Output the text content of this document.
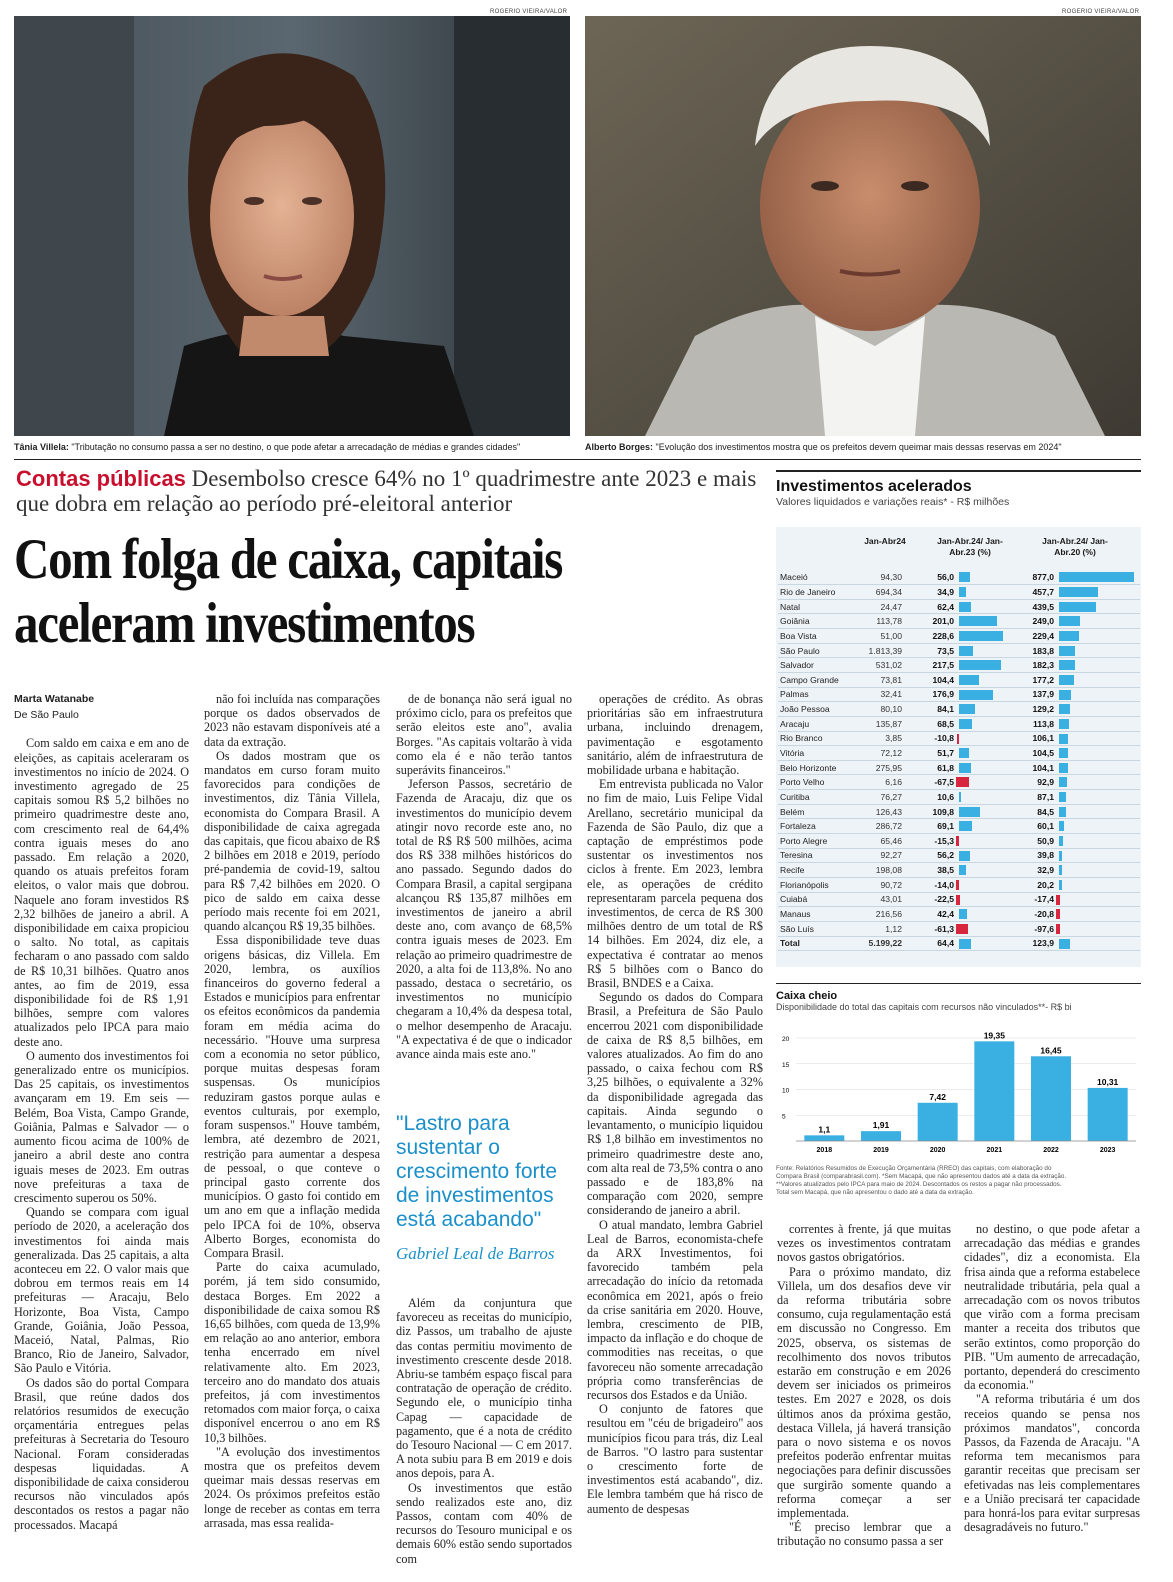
ROGERIO VIEIRA/VALOR
Tânia Villela: "Tributação no consumo passa a ser no destino, o que pode afetar a arrecadação de médias e grandes cidades"
ROGERIO VIEIRA/VALOR
Alberto Borges: "Evolução dos investimentos mostra que os prefeitos devem queimar mais dessas reservas em 2024"
Contas públicas Desembolso cresce 64% no 1º quadrimestre ante 2023 e mais que dobra em relação ao período pré-eleitoral anterior
Com folga de caixa, capitais aceleram investimentos
Marta Watanabe
De São Paulo

Com saldo em caixa e em ano de eleições, as capitais aceleraram os investimentos no início de 2024. O investimento agregado de 25 capitais somou R$ 5,2 bilhões no primeiro quadrimestre deste ano, com crescimento real de 64,4% contra iguais meses do ano passado. Em relação a 2020, quando os atuais prefeitos foram eleitos, o valor mais que dobrou. Naquele ano foram investidos R$ 2,32 bilhões de janeiro a abril. A disponibilidade em caixa propiciou o salto. No total, as capitais fecharam o ano passado com saldo de R$ 10,31 bilhões. Quatro anos antes, ao fim de 2019, essa disponibilidade foi de R$ 1,91 bilhões, sempre com valores atualizados pelo IPCA para maio deste ano.

O aumento dos investimentos foi generalizado entre os municípios. Das 25 capitais, os investimentos avançaram em 19. Em seis — Belém, Boa Vista, Campo Grande, Goiânia, Palmas e Salvador — o aumento ficou acima de 100% de janeiro a abril deste ano contra iguais meses de 2023. Em outras nove prefeituras a taxa de crescimento superou os 50%.

Quando se compara com igual período de 2020, a aceleração dos investimentos foi ainda mais generalizada. Das 25 capitais, a alta aconteceu em 22. O valor mais que dobrou em termos reais em 14 prefeituras — Aracaju, Belo Horizonte, Boa Vista, Campo Grande, Goiânia, João Pessoa, Maceió, Natal, Palmas, Rio Branco, Rio de Janeiro, Salvador, São Paulo e Vitória.

Os dados são do portal Compara Brasil, que reúne dados dos relatórios resumidos de execução orçamentária entregues pelas prefeituras à Secretaria do Tesouro Nacional. Foram consideradas despesas liquidadas. A disponibilidade de caixa considerou recursos não vinculados após descontados os restos a pagar não processados. Macapá

não foi incluída nas comparações porque os dados observados de 2023 não estavam disponíveis até a data da extração.

Os dados mostram que os mandatos em curso foram muito favorecidos para condições de investimentos, diz Tânia Villela, economista do Compara Brasil. A disponibilidade de caixa agregada das capitais, que ficou abaixo de R$ 2 bilhões em 2018 e 2019, período pré-pandemia de covid-19, saltou para R$ 7,42 bilhões em 2020. O pico de saldo em caixa desse período mais recente foi em 2021, quando alcançou R$ 19,35 bilhões.

Essa disponibilidade teve duas origens básicas, diz Villela. Em 2020, lembra, os auxílios financeiros do governo federal a Estados e municípios para enfrentar os efeitos econômicos da pandemia foram em média acima do necessário. "Houve uma surpresa com a economia no setor público, porque muitas despesas foram suspensas. Os municípios reduziram gastos porque aulas e eventos culturais, por exemplo, foram suspensos." Houve também, lembra, até dezembro de 2021, restrição para aumentar a despesa de pessoal, o que conteve o principal gasto corrente dos municípios. O gasto foi contido em um ano em que a inflação medida pelo IPCA foi de 10%, observa Alberto Borges, economista do Compara Brasil.

Parte do caixa acumulado, porém, já tem sido consumido, destaca Borges. Em 2022 a disponibilidade de caixa somou R$ 16,65 bilhões, com queda de 13,9% em relação ao ano anterior, embora tenha encerrado em nível relativamente alto. Em 2023, terceiro ano do mandato dos atuais prefeitos, já com investimentos retomados com maior força, o caixa disponível encerrou o ano em R$ 10,3 bilhões.

"A evolução dos investimentos mostra que os prefeitos devem queimar mais dessas reservas em 2024. Os próximos prefeitos estão longe de receber as contas em terra arrasada, mas essa realida-

de de bonança não será igual no próximo ciclo, para os prefeitos que serão eleitos este ano", avalia Borges. "As capitais voltarão à vida como ela é e não terão tantos superávits financeiros."

Jeferson Passos, secretário de Fazenda de Aracaju, diz que os investimentos do município devem atingir novo recorde este ano, no total de R$ R$ 500 milhões, acima dos R$ 338 milhões históricos do ano passado. Segundo dados do Compara Brasil, a capital sergipana alcançou R$ 135,87 milhões em investimentos de janeiro a abril deste ano, com avanço de 68,5% contra iguais meses de 2023. Em relação ao primeiro quadrimestre de 2020, a alta foi de 113,8%. No ano passado, destaca o secretário, os investimentos no município chegaram a 10,4% da despesa total, o melhor desempenho de Aracaju. "A expectativa é de que o indicador avance ainda mais este ano."

"Lastro para sustentar o crescimento forte de investimentos está acabando"
Gabriel Leal de Barros

Além da conjuntura que favoreceu as receitas do município, diz Passos, um trabalho de ajuste das contas permitiu movimento de investimento crescente desde 2018. Abriu-se também espaço fiscal para contratação de operação de crédito. Segundo ele, o município tinha Capag — capacidade de pagamento, que é a nota de crédito do Tesouro Nacional — C em 2017. A nota subiu para B em 2019 e dois anos depois, para A.

Os investimentos que estão sendo realizados este ano, diz Passos, contam com 40% de recursos do Tesouro municipal e os demais 60% estão sendo suportados com

operações de crédito. As obras prioritárias são em infraestrutura urbana, incluindo drenagem, pavimentação e esgotamento sanitário, além de infraestrutura de mobilidade urbana e habitação.

Em entrevista publicada no Valor no fim de maio, Luis Felipe Vidal Arellano, secretário municipal da Fazenda de São Paulo, diz que a captação de empréstimos pode sustentar os investimentos nos ciclos à frente. Em 2023, lembra ele, as operações de crédito representaram parcela pequena dos investimentos, de cerca de R$ 300 milhões dentro de um total de R$ 14 bilhões. Em 2024, diz ele, a expectativa é contratar ao menos R$ 5 bilhões com o Banco do Brasil, BNDES e a Caixa.

Segundo os dados do Compara Brasil, a Prefeitura de São Paulo encerrou 2021 com disponibilidade de caixa de R$ 8,5 bilhões, em valores atualizados. Ao fim do ano passado, o caixa fechou com R$ 3,25 bilhões, o equivalente a 32% da disponibilidade agregada das capitais. Ainda segundo o levantamento, o município liquidou R$ 1,8 bilhão em investimentos no primeiro quadrimestre deste ano, com alta real de 73,5% contra o ano passado e de 183,8% na comparação com 2020, sempre considerando de janeiro a abril.

O atual mandato, lembra Gabriel Leal de Barros, economista-chefe da ARX Investimentos, foi favorecido também pela arrecadação do início da retomada econômica em 2021, após o freio da crise sanitária em 2020. Houve, lembra, crescimento de PIB, impacto da inflação e do choque de commodities nas receitas, o que favoreceu não somente arrecadação própria como transferências de recursos dos Estados e da União.

O conjunto de fatores que resultou em "céu de brigadeiro" aos municípios ficou para trás, diz Leal de Barros. "O lastro para sustentar o crescimento forte de investimentos está acabando", diz. Ele lembra também que há risco de aumento de despesas

correntes à frente, já que muitas vezes os investimentos contratam novos gastos obrigatórios.

Para o próximo mandato, diz Villela, um dos desafios deve vir da reforma tributária sobre consumo, cuja regulamentação está em discussão no Congresso. Em 2025, observa, os sistemas de recolhimento dos novos tributos estarão em construção e em 2026 devem ser iniciados os primeiros testes. Em 2027 e 2028, os dois últimos anos da próxima gestão, destaca Villela, já haverá transição para o novo sistema e os novos prefeitos poderão enfrentar muitas negociações para definir discussões que surgirão somente quando a reforma começar a ser implementada.

"É preciso lembrar que a tributação no consumo passa a ser

no destino, o que pode afetar a arrecadação das médias e grandes cidades", diz a economista. Ela frisa ainda que a reforma estabelece neutralidade tributária, pela qual a arrecadação com os novos tributos que virão com a forma precisam manter a receita dos tributos que serão extintos, como proporção do PIB. "Um aumento de arrecadação, portanto, dependerá do crescimento da economia."

"A reforma tributária é um dos receios quando se pensa nos próximos mandatos", concorda Passos, da Fazenda de Aracaju. "A reforma tem mecanismos para garantir receitas que precisam ser efetivadas nas leis complementares e a União precisará ter capacidade para honrá-los para evitar surpresas desagradáveis no futuro."

Investimentos acelerados
Valores liquidados e variações reais* - R$ milhões
Jan-Abr24	Jan-Abr.24/ Jan-Abr.23 (%)
Jan-Abr.24/ Jan-Abr.20 (%)
Maceió	94,30	56,0		877,0	

Rio de Janeiro	694,34	34,9		457,7	

Natal	24,47	62,4		439,5	

Goiânia	113,78	201,0		249,0	

Boa Vista	51,00	228,6		229,4	

São Paulo	1.813,39	73,5		183,8	

Salvador	531,02	217,5		182,3	

Campo Grande	73,81	104,4		177,2	

Palmas	32,41	176,9		137,9	

João Pessoa	80,10	84,1		129,2	

Aracaju	135,87	68,5		113,8	

Rio Branco	3,85	-10,8		106,1	

Vitória	72,12	51,7		104,5	

Belo Horizonte	275,95	61,8		104,1	

Porto Velho	6,16	-67,5		92,9	

Curitiba	76,27	10,6		87,1	

Belém	126,43	109,8		84,5	

Fortaleza	286,72	69,1		60,1	

Porto Alegre	65,46	-15,3		50,9	

Teresina	92,27	56,2		39,8	

Recife	198,08	38,5		32,9	

Florianópolis	90,72	-14,0		20,2	

Cuiabá	43,01	-22,5		-17,4	

Manaus	216,56	42,4		-20,8	

São Luís	1,12	-61,3		-97,6	

Total	5.199,22	64,4		123,9	
Caixa cheio
Disponibilidade do total das capitais com recursos não vinculados**- R$ bi
5
10
15
20
1,1
2018
1,91
2019
7,42
2020
19,35
2021
16,45
2022
10,31
2023
Fonte: Relatórios Resumidos de Execução Orçamentária (RREO) das capitais, com elaboração do Compara Brasil (comparabrasil.com). *Sem Macapá, que não apresentou dados até a data da extração. **Valores atualizados pelo IPCA para maio de 2024. Descontados os restos a pagar não processados. Total sem Macapá, que não apresentou o dado até a data da extração.
